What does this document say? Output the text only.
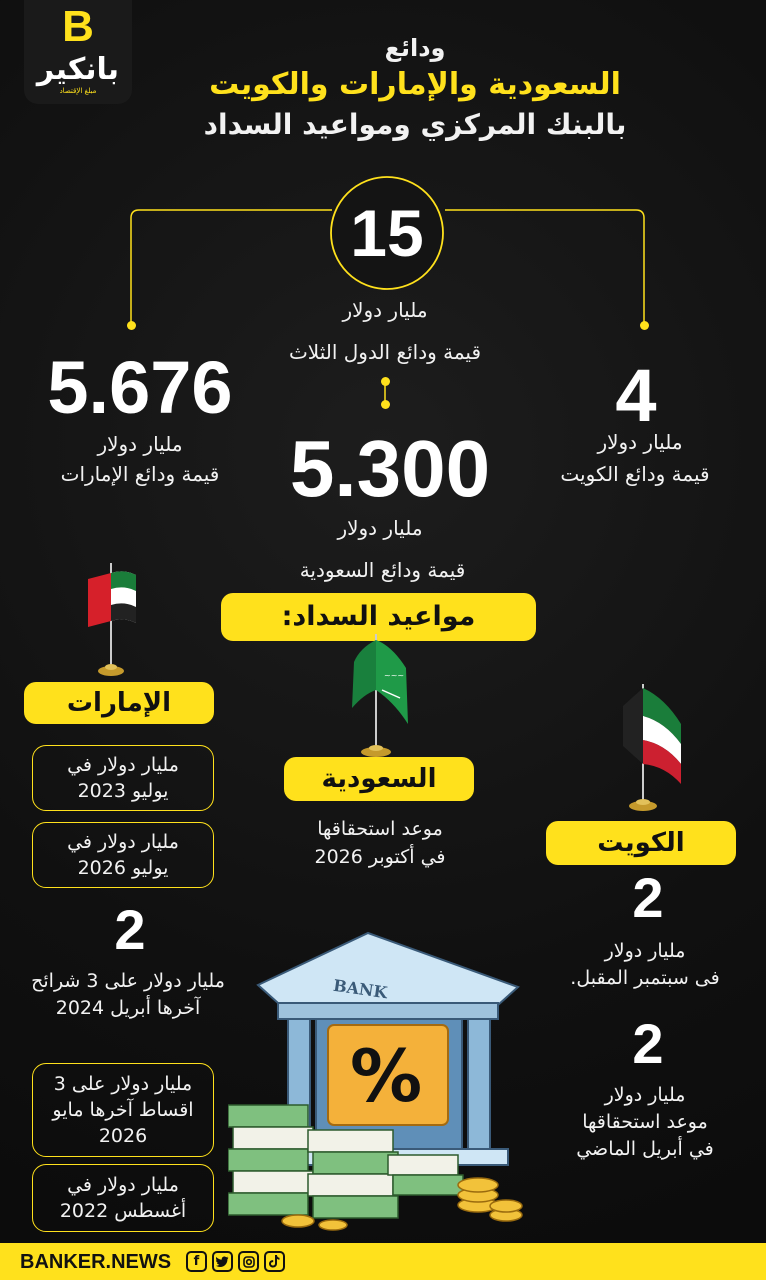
B
بانكير
مبلغ الإقتصاد
ودائع
السعودية والإمارات والكويت
بالبنك المركزي ومواعيد السداد
15
مليار دولار
قيمة ودائع الدول الثلاث
5.676
مليار دولار
قيمة ودائع الإمارات
4
مليار دولار
قيمة ودائع الكويت
5.300
مليار دولار
قيمة ودائع السعودية
مواعيد السداد:
الإمارات
مليار دولار في يوليو 2023
مليار دولار في يوليو 2026
2
مليار دولار على 3 شرائح آخرها أبريل 2024
مليار دولار على 3 اقساط آخرها مايو 2026
مليار دولار في أغسطس 2022
~~~
السعودية
موعد استحقاقها
في أكتوبر 2026	الكويت
2
مليار دولار
فى سبتمبر المقبل.
2
مليار دولار
موعد استحقاقها
في أبريل الماضي
BANK
%
BANKER.NEWS	f
